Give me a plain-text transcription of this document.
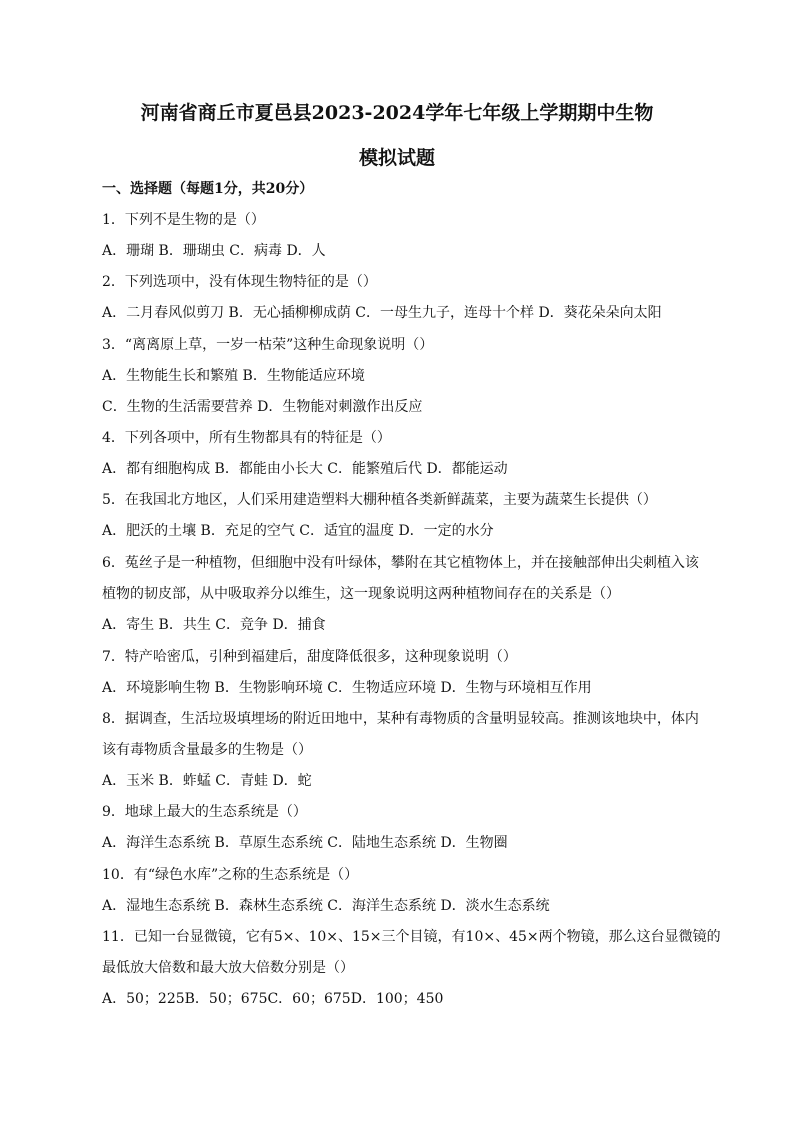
河南省商丘市夏邑县2023-2024学年七年级上学期期中生物
模拟试题
一、选择题（每题1分，共20分）
1．下列不是生物的是（）
A．珊瑚 B．珊瑚虫 C．病毒 D．人
2．下列选项中，没有体现生物特征的是（）
A．二月春风似剪刀 B．无心插柳柳成荫 C．一母生九子，连母十个样 D．葵花朵朵向太阳
3．“离离原上草，一岁一枯荣”这种生命现象说明（）
A．生物能生长和繁殖 B．生物能适应环境
C．生物的生活需要营养 D．生物能对刺激作出反应
4．下列各项中，所有生物都具有的特征是（）
A．都有细胞构成 B．都能由小长大 C．能繁殖后代 D．都能运动
5．在我国北方地区，人们采用建造塑料大棚种植各类新鲜蔬菜，主要为蔬菜生长提供（）
A．肥沃的土壤 B．充足的空气 C．适宜的温度 D．一定的水分
6．菟丝子是一种植物，但细胞中没有叶绿体，攀附在其它植物体上，并在接触部伸出尖刺植入该
植物的韧皮部，从中吸取养分以维生，这一现象说明这两种植物间存在的关系是（）
A．寄生 B．共生 C．竞争 D．捕食
7．特产哈密瓜，引种到福建后，甜度降低很多，这种现象说明（）
A．环境影响生物 B．生物影响环境 C．生物适应环境 D．生物与环境相互作用
8．据调查，生活垃圾填埋场的附近田地中，某种有毒物质的含量明显较高。推测该地块中，体内
该有毒物质含量最多的生物是（）
A．玉米 B．蚱蜢 C．青蛙 D．蛇
9．地球上最大的生态系统是（）
A．海洋生态系统 B．草原生态系统 C．陆地生态系统 D．生物圈
10．有“绿色水库”之称的生态系统是（）
A．湿地生态系统 B．森林生态系统 C．海洋生态系统 D．淡水生态系统
11．已知一台显微镜，它有5×、10×、15×三个目镜，有10×、45×两个物镜，那么这台显微镜的
最低放大倍数和最大放大倍数分别是（）
A．50；225B．50；675C．60；675D．100；450
